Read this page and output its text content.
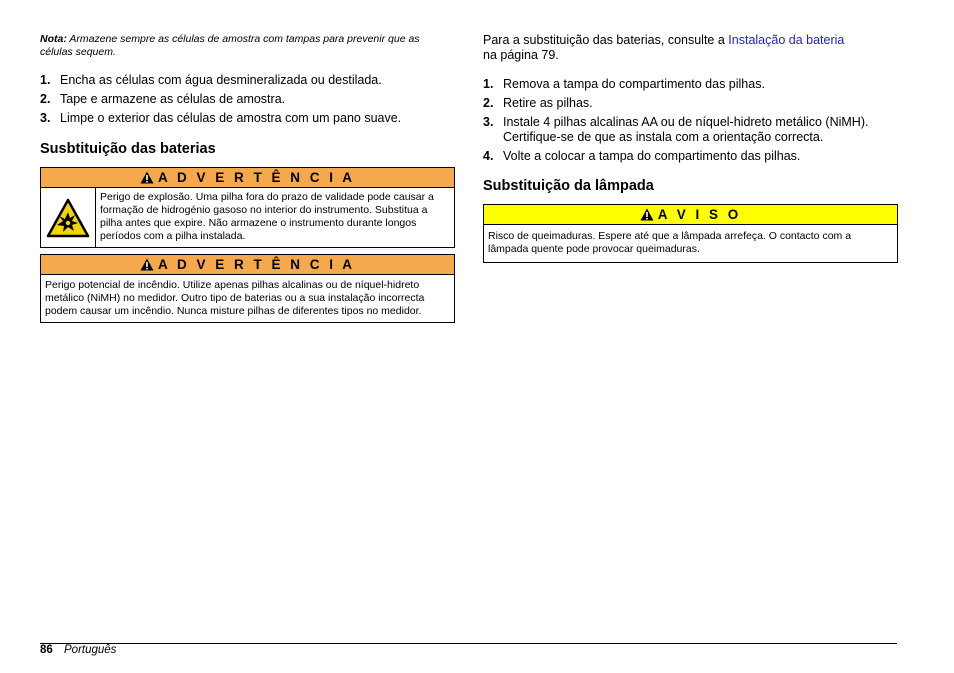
Nota: Armazene sempre as células de amostra com tampas para prevenir que as células sequem.
1. Encha as células com água desmineralizada ou destilada.
2. Tape e armazene as células de amostra.
3. Limpe o exterior das células de amostra com um pano suave.
Susbtituição das baterias
A D V E R T Ê N C I A
Perigo de explosão. Uma pilha fora do prazo de validade pode causar a formação de hidrogénio gasoso no interior do instrumento. Substitua a pilha antes que expire. Não armazene o instrumento durante longos períodos com a pilha instalada.
A D V E R T Ê N C I A
Perigo potencial de incêndio. Utilize apenas pilhas alcalinas ou de níquel-hidreto metálico (NiMH) no medidor. Outro tipo de baterias ou a sua instalação incorrecta podem causar um incêndio. Nunca misture pilhas de diferentes tipos no medidor.
Para a substituição das baterias, consulte a Instalação da bateria
na página 79.
1. Remova a tampa do compartimento das pilhas.
2. Retire as pilhas.
3. Instale 4 pilhas alcalinas AA ou de níquel-hidreto metálico (NiMH). Certifique-se de que as instala com a orientação correcta.
4. Volte a colocar a tampa do compartimento das pilhas.
Substituição da lâmpada
A V I S O
Risco de queimaduras. Espere até que a lâmpada arrefeça. O contacto com a lâmpada quente pode provocar queimaduras.
86 Português
